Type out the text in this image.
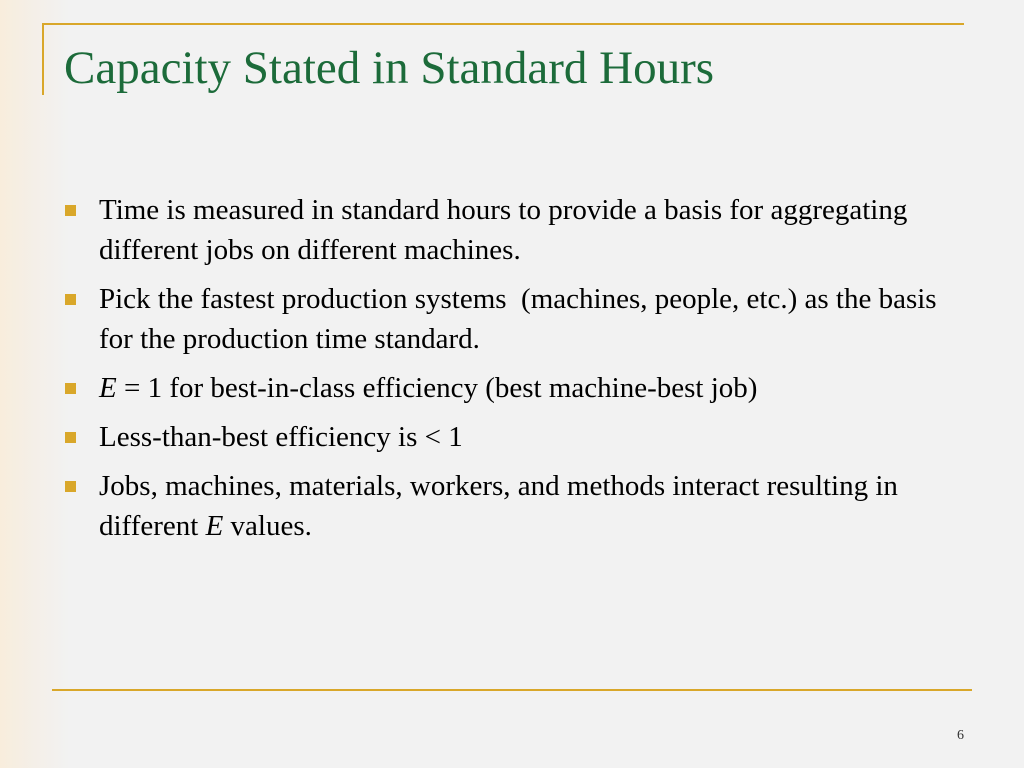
Capacity Stated in Standard Hours
Time is measured in standard hours to provide a basis for aggregating different jobs on different machines.
Pick the fastest production systems  (machines, people, etc.) as the basis for the production time standard.
E = 1 for best-in-class efficiency (best machine-best job)
Less-than-best efficiency is < 1
Jobs, machines, materials, workers, and methods interact resulting in different E values.
6
